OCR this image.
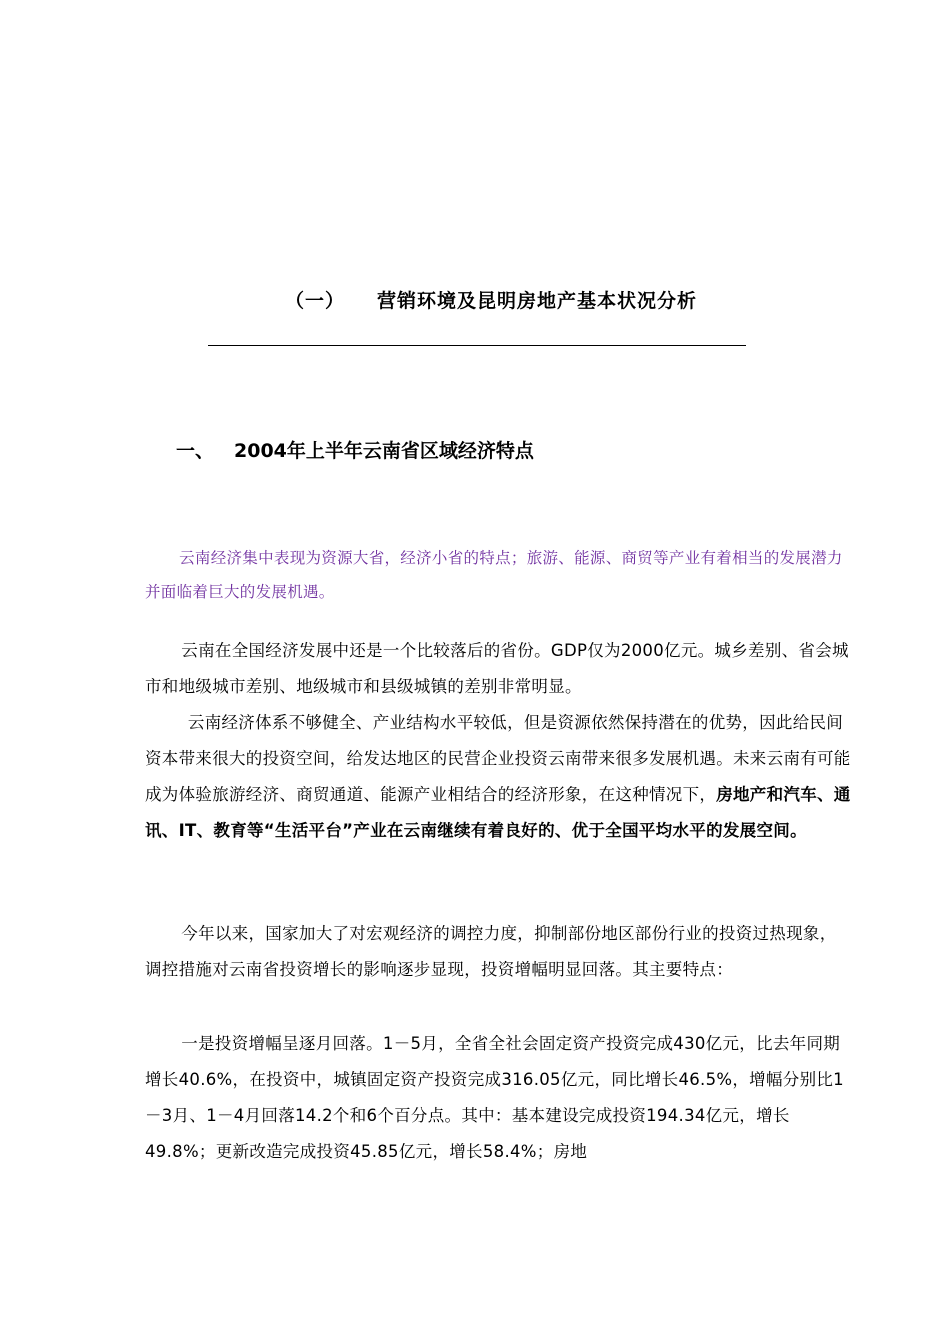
（一） 营销环境及昆明房地产基本状况分析
一、 2004年上半年云南省区域经济特点

云南经济集中表现为资源大省，经济小省的特点；旅游、能源、商贸等产业有着相当的发展潜力并面临着巨大的发展机遇。

云南在全国经济发展中还是一个比较落后的省份。GDP仅为2000亿元。城乡差别、省会城市和地级城市差别、地级城市和县级城镇的差别非常明显。

云南经济体系不够健全、产业结构水平较低，但是资源依然保持潜在的优势，因此给民间资本带来很大的投资空间，给发达地区的民营企业投资云南带来很多发展机遇。未来云南有可能成为体验旅游经济、商贸通道、能源产业相结合的经济形象，在这种情况下，房地产和汽车、通讯、IT、教育等“生活平台”产业在云南继续有着良好的、优于全国平均水平的发展空间。

今年以来，国家加大了对宏观经济的调控力度，抑制部份地区部份行业的投资过热现象，调控措施对云南省投资增长的影响逐步显现，投资增幅明显回落。其主要特点：

一是投资增幅呈逐月回落。1－5月，全省全社会固定资产投资完成430亿元，比去年同期增长40.6%，在投资中，城镇固定资产投资完成316.05亿元，同比增长46.5%，增幅分别比1－3月、1－4月回落14.2个和6个百分点。其中：基本建设完成投资194.34亿元，增长49.8%；更新改造完成投资45.85亿元，增长58.4%；房地
